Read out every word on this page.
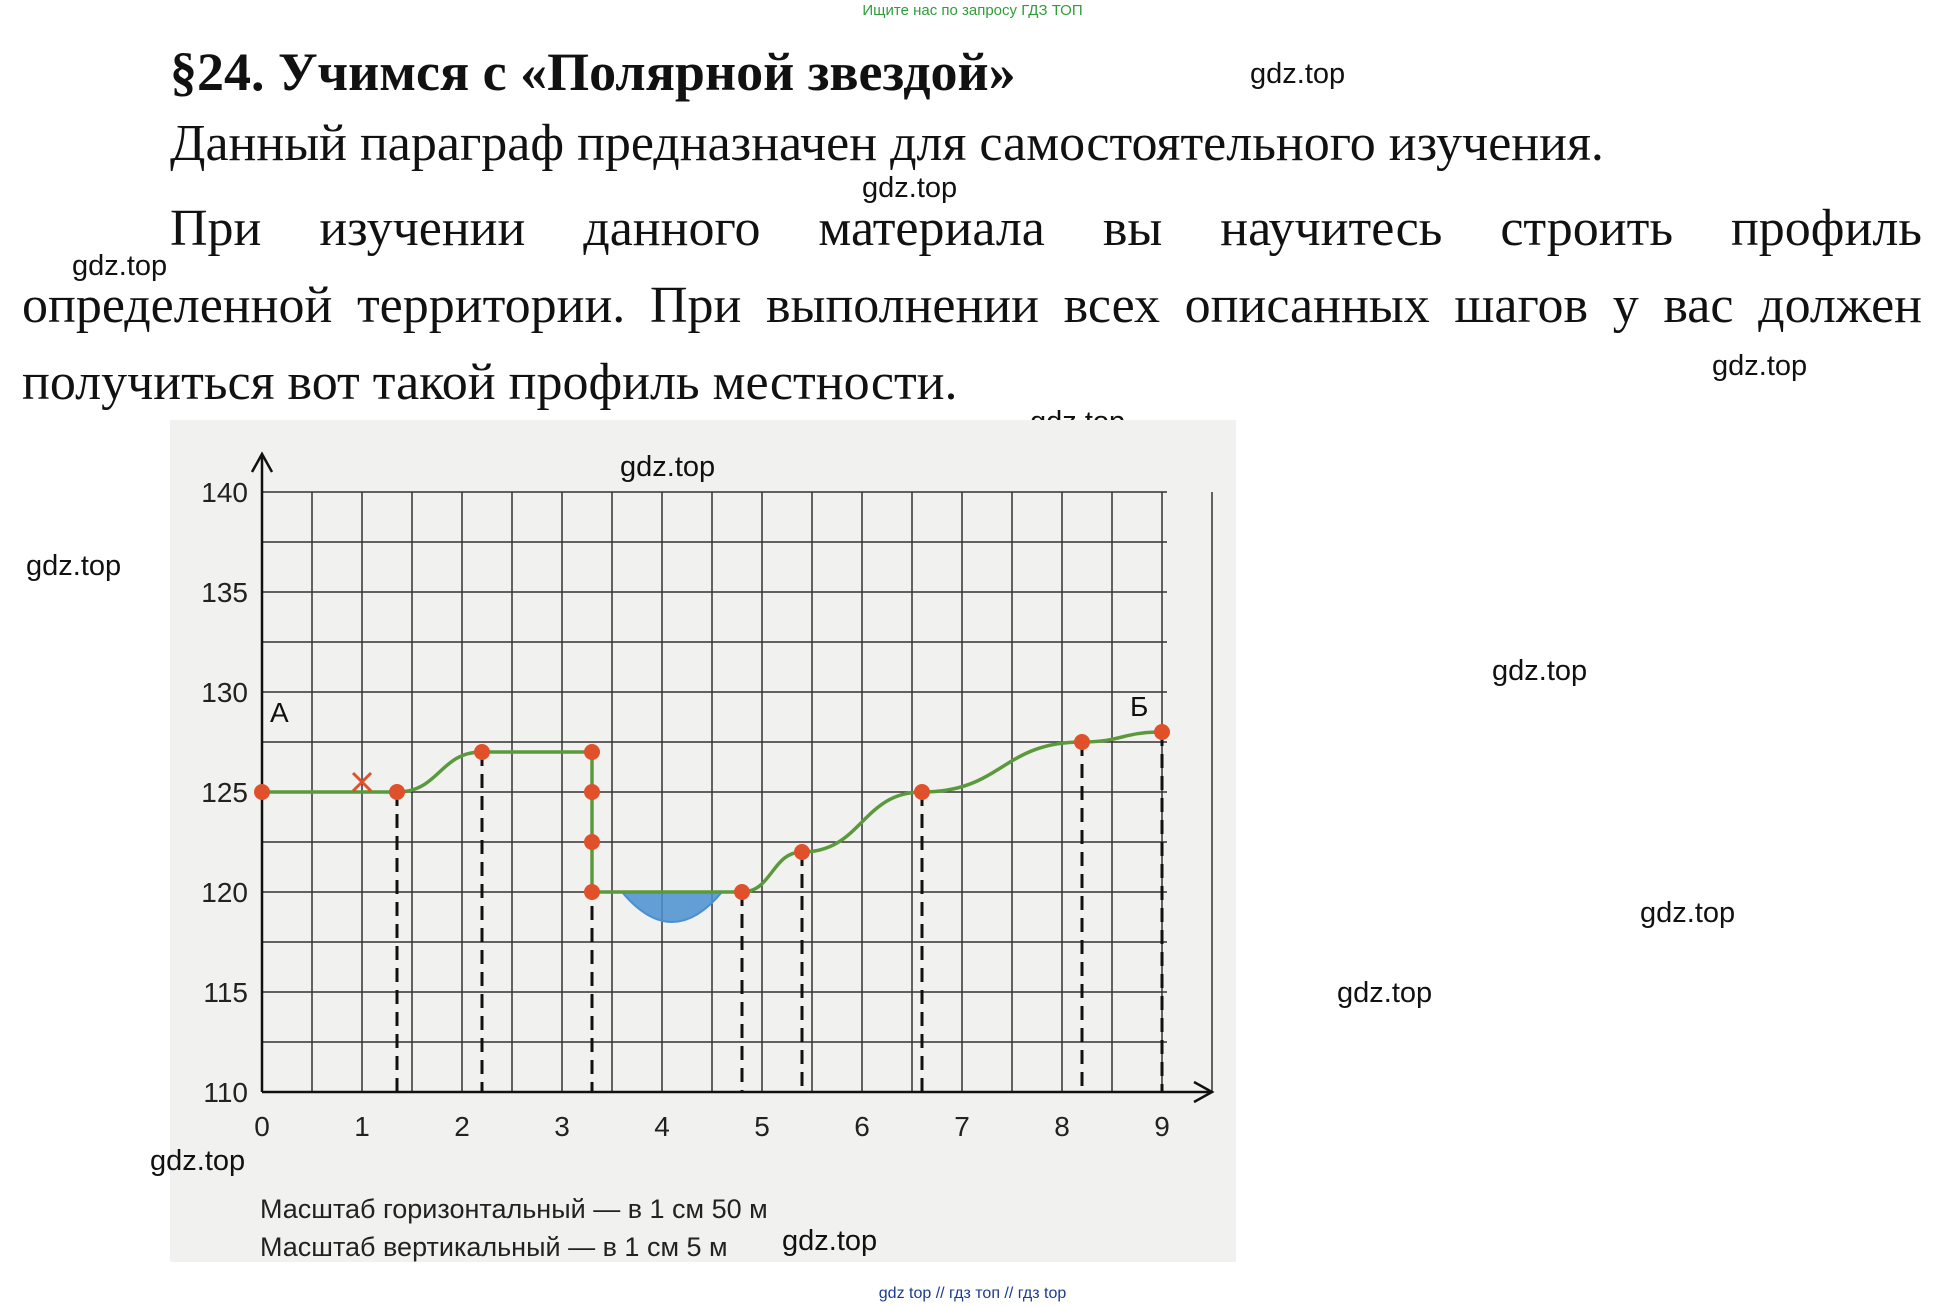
Ищите нас по запросу ГДЗ ТОП
§24. Учимся с «Полярной звездой»

Данный параграф предназначен для самостоятельного изучения.

При изучении данного материала вы научитесь строить профиль определенной территории. При выполнении всех описанных шагов у вас должен получиться вот такой профиль местности.

gdz.top
gdz.top
gdz.top
gdz.top
gdz.top
gdz.top
gdz.top
110
115
120
125
130
135
140
0	1	2	3	4	5	6	7	8	9
А	Б
Масштаб горизонтальный — в 1 см 50 м
Масштаб вертикальный — в 1 см 5 м
gdz.top
gdz.top
gdz.top
gdz.top
gdz top // гдз топ // гдз top
